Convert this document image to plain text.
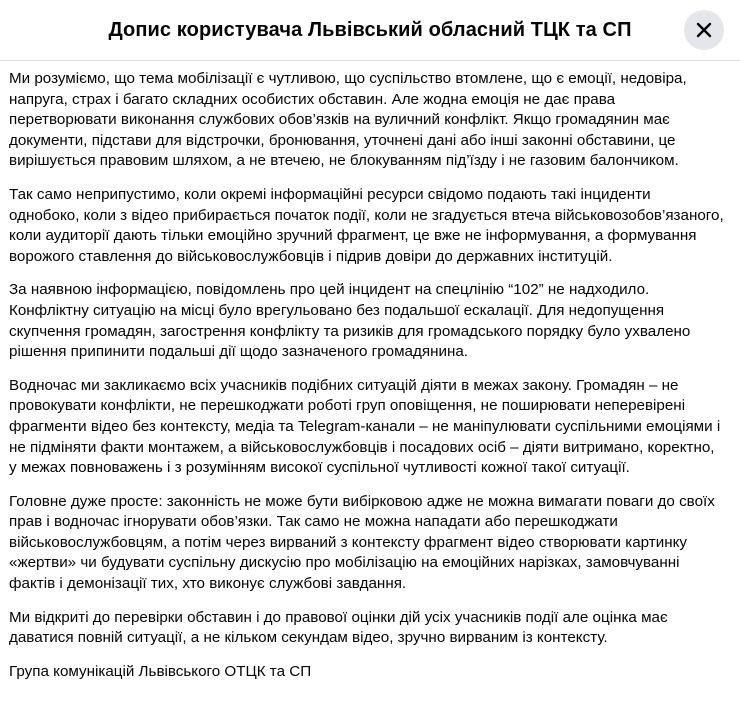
Допис користувача Львівський обласний ТЦК та СП

Ми розуміємо, що тема мобілізації є чутливою, що суспільство втомлене, що є емоції, недовіра, напруга, страх і багато складних особистих обставин. Але жодна емоція не дає права перетворювати виконання службових обов’язків на вуличний конфлікт. Якщо громадянин має документи, підстави для відстрочки, бронювання, уточнені дані або інші законні обставини, це вирішується правовим шляхом, а не втечею, не блокуванням під’їзду і не газовим балончиком.

Так само неприпустимо, коли окремі інформаційні ресурси свідомо подають такі інциденти однобоко, коли з відео прибирається початок події, коли не згадується втеча військовозобов’язаного, коли аудиторії дають тільки емоційно зручний фрагмент, це вже не інформування, а формування ворожого ставлення до військовослужбовців і підрив довіри до державних інституцій.

За наявною інформацією, повідомлень про цей інцидент на спецлінію “102” не надходило. Конфліктну ситуацію на місці було врегульовано без подальшої ескалації. Для недопущення скупчення громадян, загострення конфлікту та ризиків для громадського порядку було ухвалено рішення припинити подальші дії щодо зазначеного громадянина.

Водночас ми закликаємо всіх учасників подібних ситуацій діяти в межах закону. Громадян – не провокувати конфлікти, не перешкоджати роботі груп оповіщення, не поширювати неперевірені фрагменти відео без контексту, медіа та Telegram-канали – не маніпулювати суспільними емоціями і не підміняти факти монтажем, а військовослужбовців і посадових осіб – діяти витримано, коректно, у межах повноважень і з розумінням високої суспільної чутливості кожної такої ситуації.

Головне дуже просте: законність не може бути вибірковою адже не можна вимагати поваги до своїх прав і водночас ігнорувати обов’язки. Так само не можна нападати або перешкоджати військовослужбовцям, а потім через вирваний з контексту фрагмент відео створювати картинку «жертви» чи будувати суспільну дискусію про мобілізацію на емоційних нарізках, замовчуванні фактів і демонізації тих, хто виконує службові завдання.

Ми відкриті до перевірки обставин і до правової оцінки дій усіх учасників події але оцінка має даватися повній ситуації, а не кільком секундам відео, зручно вирваним із контексту.

Група комунікацій Львівського ОТЦК та СП
